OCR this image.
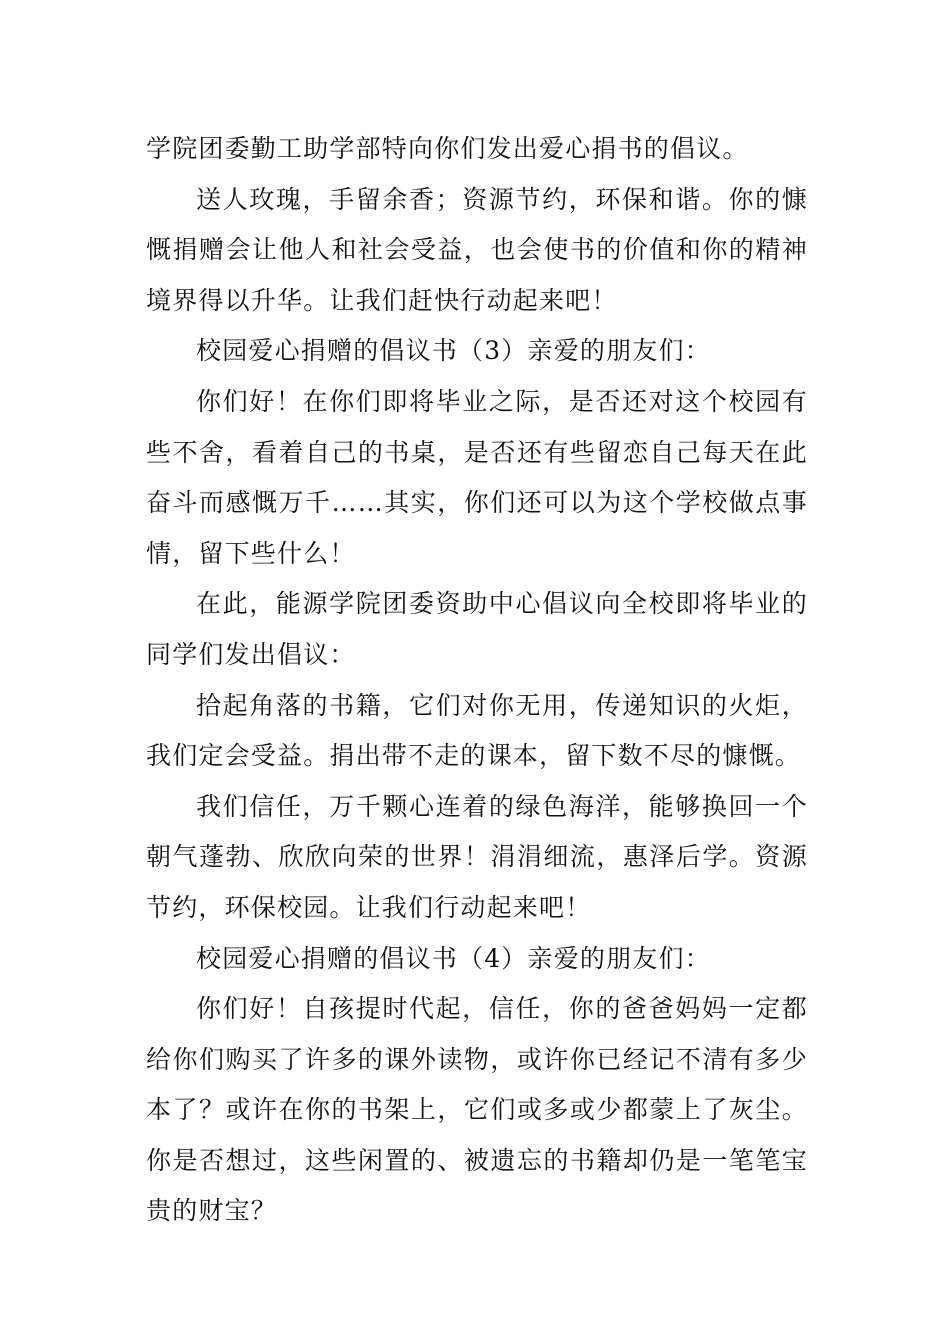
学院团委勤工助学部特向你们发出爱心捐书的倡议。

送人玫瑰，手留余香；资源节约，环保和谐。你的慷慨捐赠会让他人和社会受益，也会使书的价值和你的精神境界得以升华。让我们赶快行动起来吧！

校园爱心捐赠的倡议书（3）亲爱的朋友们：

你们好！在你们即将毕业之际，是否还对这个校园有些不舍，看着自己的书桌，是否还有些留恋自己每天在此奋斗而感慨万千……其实，你们还可以为这个学校做点事情，留下些什么！

在此，能源学院团委资助中心倡议向全校即将毕业的同学们发出倡议：

拾起角落的书籍，它们对你无用，传递知识的火炬，我们定会受益。捐出带不走的课本，留下数不尽的慷慨。

我们信任，万千颗心连着的绿色海洋，能够换回一个朝气蓬勃、欣欣向荣的世界！涓涓细流，惠泽后学。资源节约，环保校园。让我们行动起来吧！

校园爱心捐赠的倡议书（4）亲爱的朋友们：

你们好！自孩提时代起，信任，你的爸爸妈妈一定都给你们购买了许多的课外读物，或许你已经记不清有多少本了？或许在你的书架上，它们或多或少都蒙上了灰尘。你是否想过，这些闲置的、被遗忘的书籍却仍是一笔笔宝贵的财宝？
